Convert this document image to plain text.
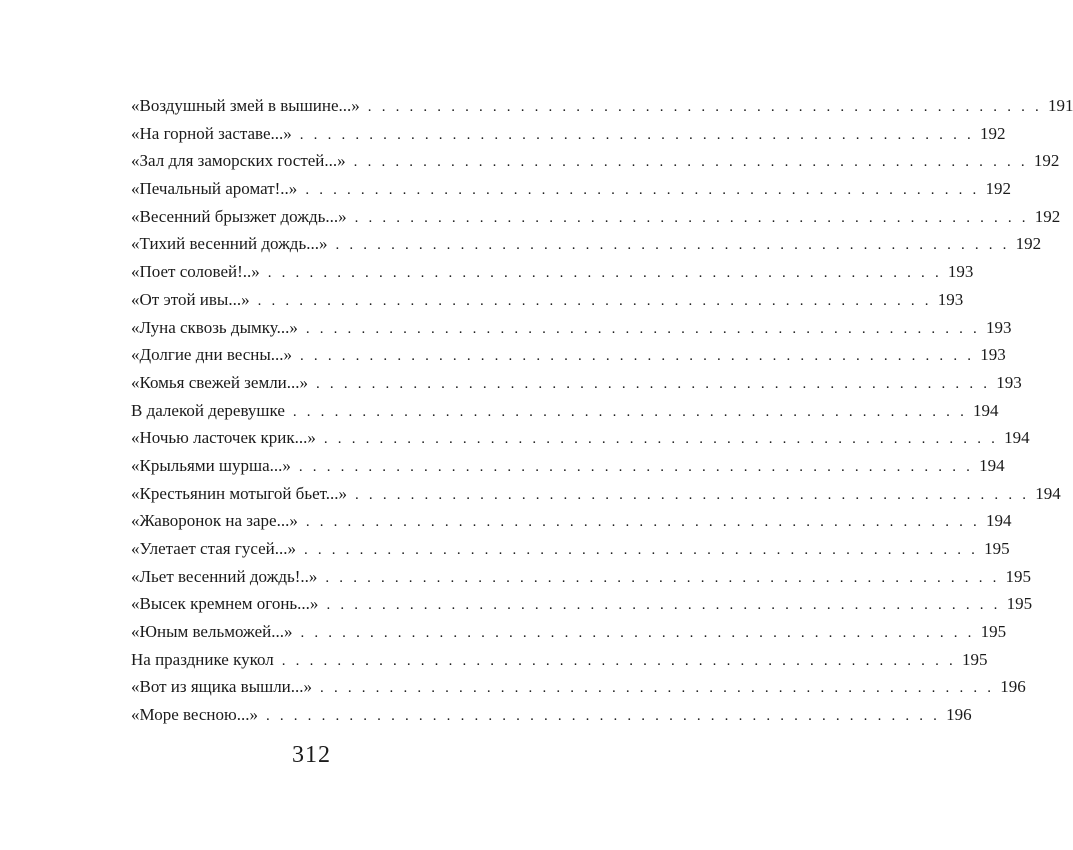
«Воздушный змей в вышине...» . . . . . . . . . . . . . . . . . . . . . . . . . . . . . . . . . . . . . . . . . . . . . . . . . 191
«На горной заставе...» . . . . . . . . . . . . . . . . . . . . . . . . . . . . . . . . . . . . . . . . . . . . . . . . . 192
«Зал для заморских гостей...» . . . . . . . . . . . . . . . . . . . . . . . . . . . . . . . . . . . . . . . . . . . . . . . . . 192
«Печальный аромат!..» . . . . . . . . . . . . . . . . . . . . . . . . . . . . . . . . . . . . . . . . . . . . . . . . . 192
«Весенний брызжет дождь...» . . . . . . . . . . . . . . . . . . . . . . . . . . . . . . . . . . . . . . . . . . . . . . . . . 192
«Тихий весенний дождь...» . . . . . . . . . . . . . . . . . . . . . . . . . . . . . . . . . . . . . . . . . . . . . . . . . 192
«Поет соловей!..» . . . . . . . . . . . . . . . . . . . . . . . . . . . . . . . . . . . . . . . . . . . . . . . . . 193
«От этой ивы...» . . . . . . . . . . . . . . . . . . . . . . . . . . . . . . . . . . . . . . . . . . . . . . . . . 193
«Луна сквозь дымку...» . . . . . . . . . . . . . . . . . . . . . . . . . . . . . . . . . . . . . . . . . . . . . . . . . 193
«Долгие дни весны...» . . . . . . . . . . . . . . . . . . . . . . . . . . . . . . . . . . . . . . . . . . . . . . . . . 193
«Комья свежей земли...» . . . . . . . . . . . . . . . . . . . . . . . . . . . . . . . . . . . . . . . . . . . . . . . . . 193
В далекой деревушке . . . . . . . . . . . . . . . . . . . . . . . . . . . . . . . . . . . . . . . . . . . . . . . . . 194
«Ночью ласточек крик...» . . . . . . . . . . . . . . . . . . . . . . . . . . . . . . . . . . . . . . . . . . . . . . . . . 194
«Крыльями шурша...» . . . . . . . . . . . . . . . . . . . . . . . . . . . . . . . . . . . . . . . . . . . . . . . . . 194
«Крестьянин мотыгой бьет...» . . . . . . . . . . . . . . . . . . . . . . . . . . . . . . . . . . . . . . . . . . . . . . . . . 194
«Жаворонок на заре...» . . . . . . . . . . . . . . . . . . . . . . . . . . . . . . . . . . . . . . . . . . . . . . . . . 194
«Улетает стая гусей...» . . . . . . . . . . . . . . . . . . . . . . . . . . . . . . . . . . . . . . . . . . . . . . . . . 195
«Льет весенний дождь!..» . . . . . . . . . . . . . . . . . . . . . . . . . . . . . . . . . . . . . . . . . . . . . . . . . 195
«Высек кремнем огонь...» . . . . . . . . . . . . . . . . . . . . . . . . . . . . . . . . . . . . . . . . . . . . . . . . . 195
«Юным вельможей...» . . . . . . . . . . . . . . . . . . . . . . . . . . . . . . . . . . . . . . . . . . . . . . . . . 195
На празднике кукол . . . . . . . . . . . . . . . . . . . . . . . . . . . . . . . . . . . . . . . . . . . . . . . . . 195
«Вот из ящика вышли...» . . . . . . . . . . . . . . . . . . . . . . . . . . . . . . . . . . . . . . . . . . . . . . . . . 196
«Море весною...» . . . . . . . . . . . . . . . . . . . . . . . . . . . . . . . . . . . . . . . . . . . . . . . . . 196
312
